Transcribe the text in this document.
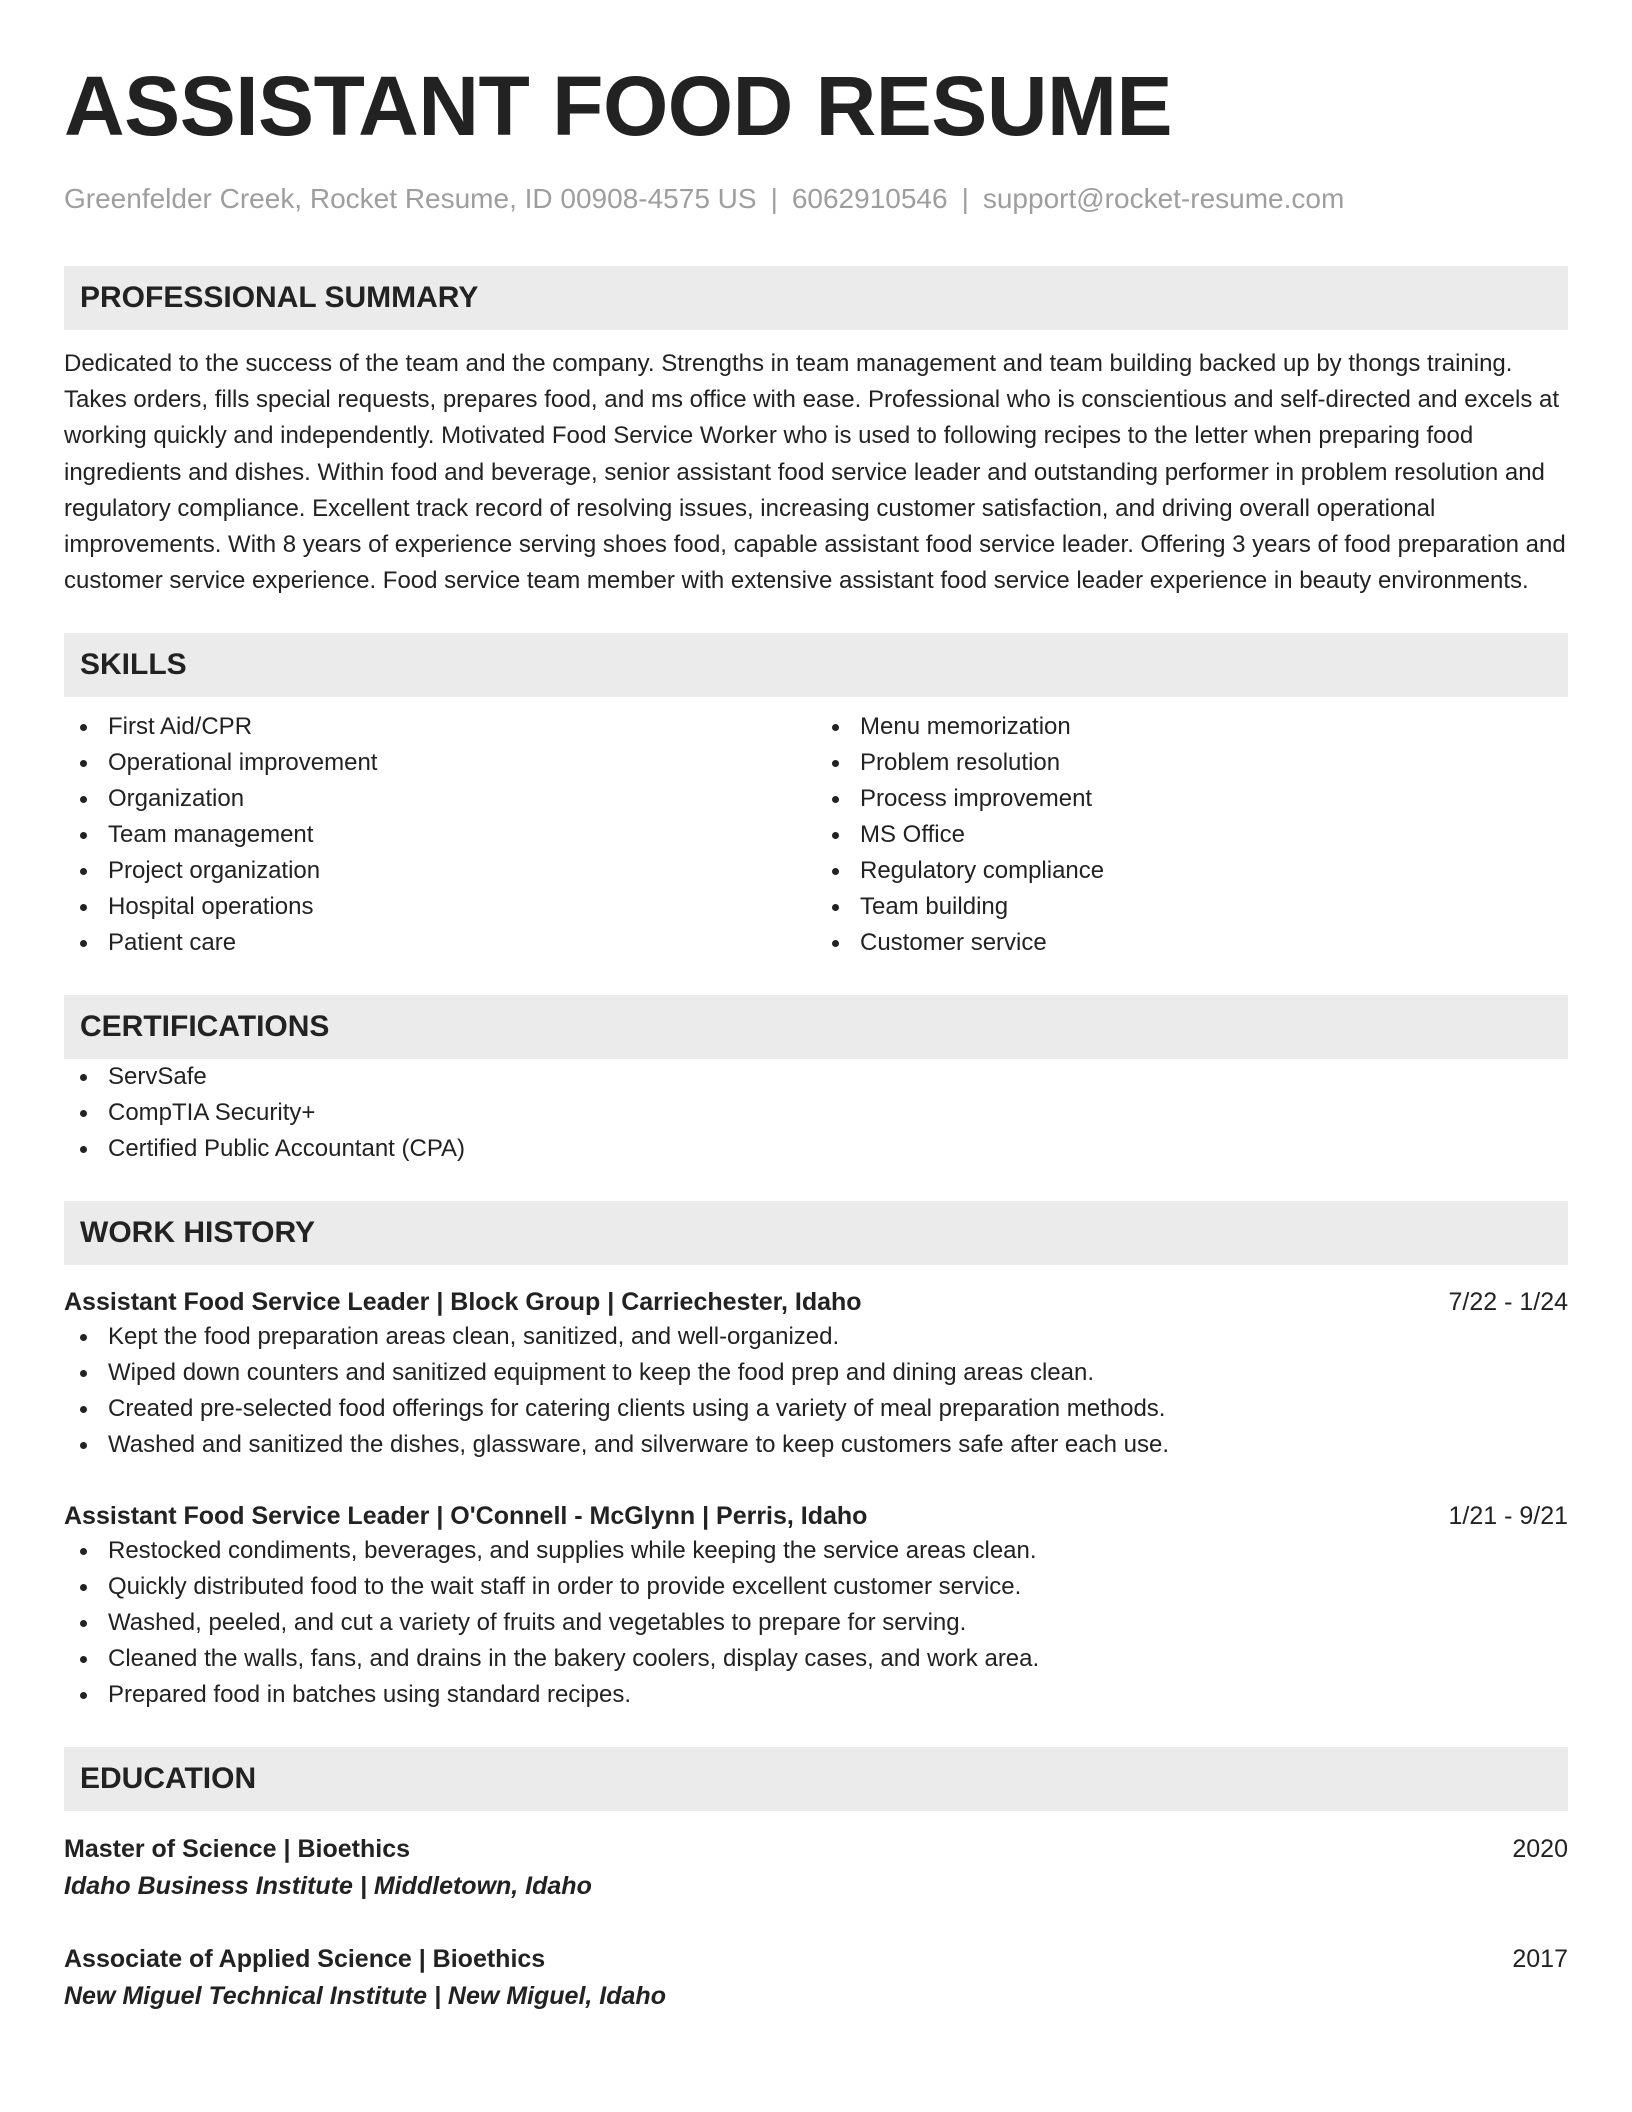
ASSISTANT FOOD RESUME
Greenfelder Creek, Rocket Resume, ID 00908-4575 US | 6062910546 | support@rocket-resume.com
PROFESSIONAL SUMMARY

Dedicated to the success of the team and the company. Strengths in team management and team building backed up by thongs training. Takes orders, fills special requests, prepares food, and ms office with ease. Professional who is conscientious and self-directed and excels at working quickly and independently. Motivated Food Service Worker who is used to following recipes to the letter when preparing food ingredients and dishes. Within food and beverage, senior assistant food service leader and outstanding performer in problem resolution and regulatory compliance. Excellent track record of resolving issues, increasing customer satisfaction, and driving overall operational improvements. With 8 years of experience serving shoes food, capable assistant food service leader. Offering 3 years of food preparation and customer service experience. Food service team member with extensive assistant food service leader experience in beauty environments.

SKILLS
First Aid/CPR
Operational improvement
Organization
Team management
Project organization
Hospital operations
Patient care
Menu memorization
Problem resolution
Process improvement
MS Office
Regulatory compliance
Team building
Customer service
CERTIFICATIONS
ServSafe
CompTIA Security+
Certified Public Accountant (CPA)
WORK HISTORY
Assistant Food Service Leader | Block Group | Carriechester, Idaho	7/22 - 1/24
Kept the food preparation areas clean, sanitized, and well-organized.
Wiped down counters and sanitized equipment to keep the food prep and dining areas clean.
Created pre-selected food offerings for catering clients using a variety of meal preparation methods.
Washed and sanitized the dishes, glassware, and silverware to keep customers safe after each use.
Assistant Food Service Leader | O'Connell - McGlynn | Perris, Idaho	1/21 - 9/21
Restocked condiments, beverages, and supplies while keeping the service areas clean.
Quickly distributed food to the wait staff in order to provide excellent customer service.
Washed, peeled, and cut a variety of fruits and vegetables to prepare for serving.
Cleaned the walls, fans, and drains in the bakery coolers, display cases, and work area.
Prepared food in batches using standard recipes.
EDUCATION
Master of Science | Bioethics	2020
Idaho Business Institute | Middletown, Idaho
Associate of Applied Science | Bioethics	2017
New Miguel Technical Institute | New Miguel, Idaho
